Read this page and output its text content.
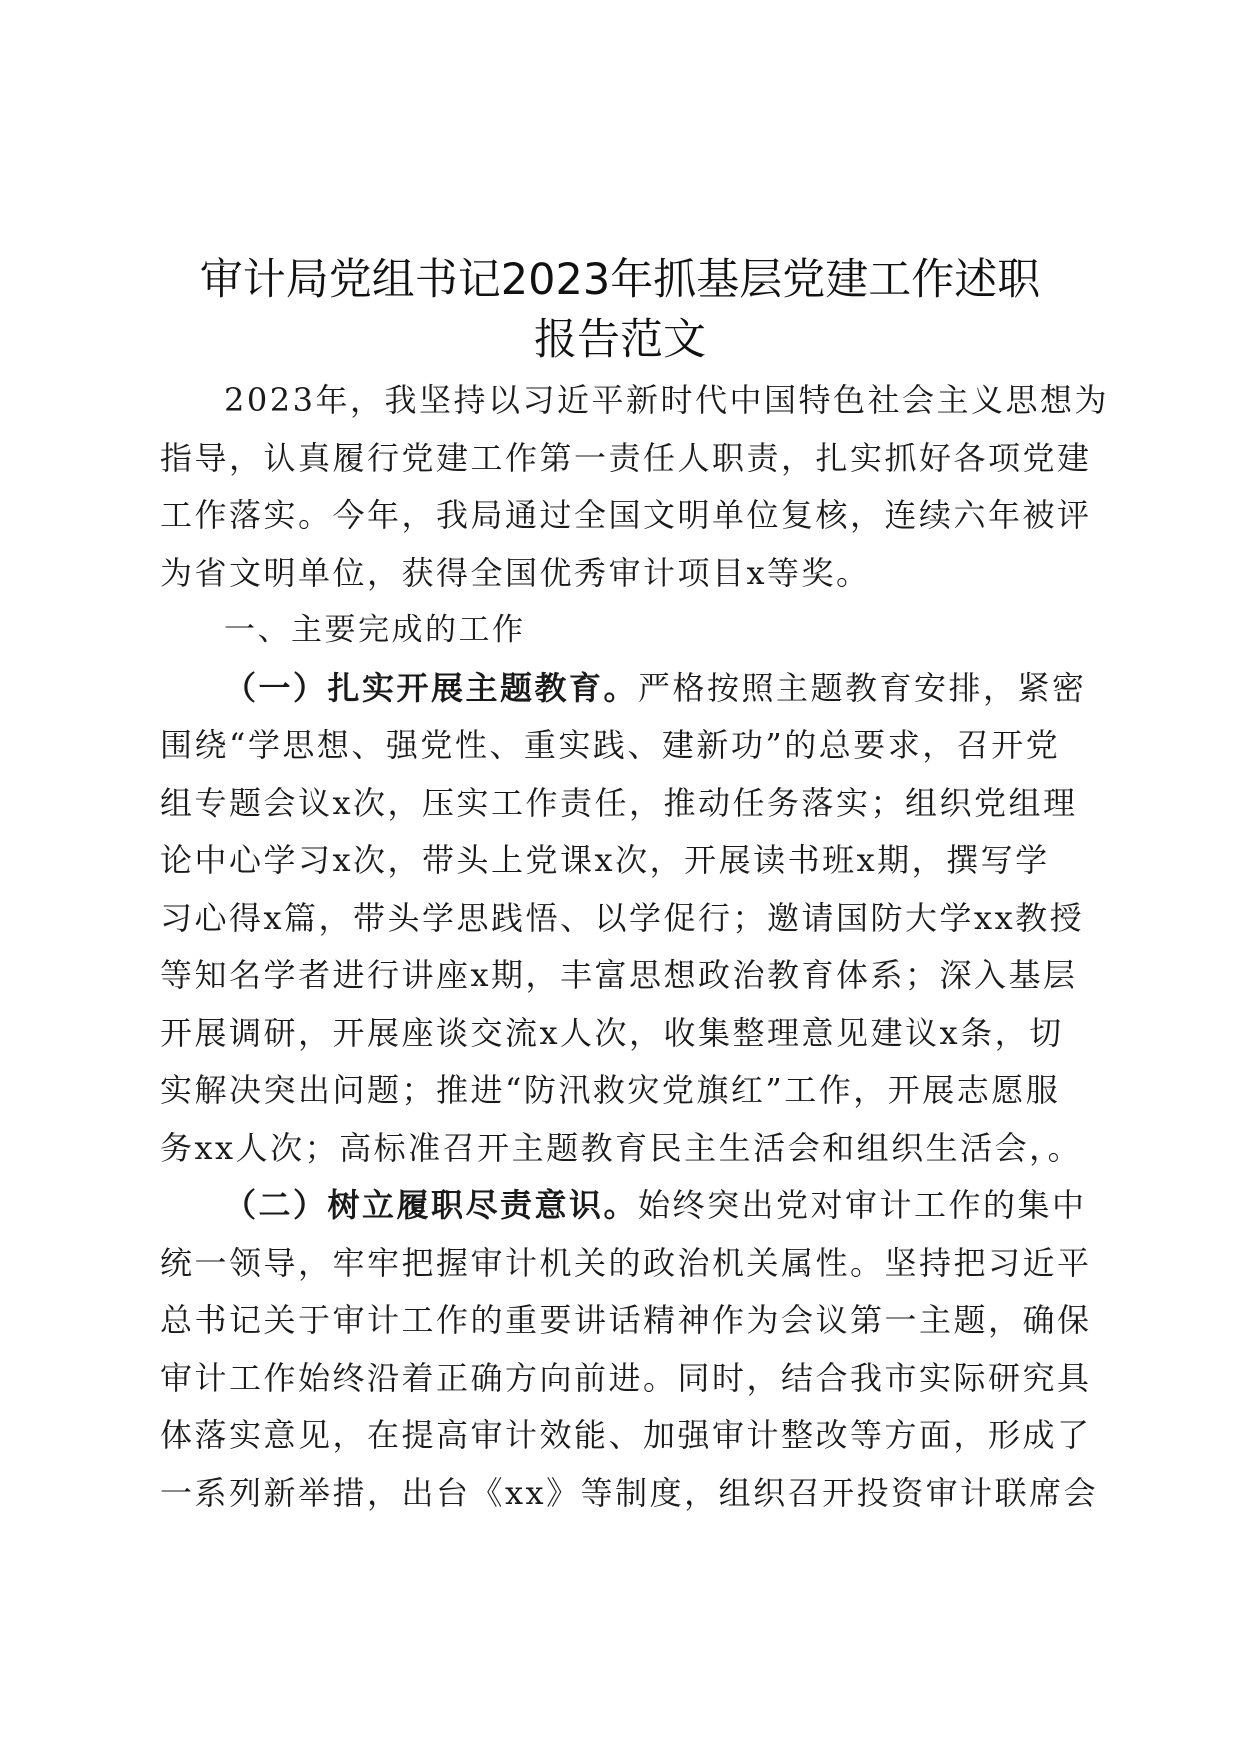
审计局党组书记2023年抓基层党建工作述职
报告范文
2023年，我坚持以习近平新时代中国特色社会主义思想为
指导，认真履行党建工作第一责任人职责，扎实抓好各项党建
工作落实。今年，我局通过全国文明单位复核，连续六年被评
为省文明单位，获得全国优秀审计项目x等奖。
一、主要完成的工作
（一）扎实开展主题教育。严格按照主题教育安排，紧密
围绕“学思想、强党性、重实践、建新功”的总要求，召开党
组专题会议x次，压实工作责任，推动任务落实；组织党组理
论中心学习x次，带头上党课x次，开展读书班x期，撰写学
习心得x篇，带头学思践悟、以学促行；邀请国防大学xx教授
等知名学者进行讲座x期，丰富思想政治教育体系；深入基层
开展调研，开展座谈交流x人次，收集整理意见建议x条，切
实解决突出问题；推进“防汛救灾党旗红”工作，开展志愿服
务xx人次；高标准召开主题教育民主生活会和组织生活会，。
（二）树立履职尽责意识。始终突出党对审计工作的集中
统一领导，牢牢把握审计机关的政治机关属性。坚持把习近平
总书记关于审计工作的重要讲话精神作为会议第一主题，确保
审计工作始终沿着正确方向前进。同时，结合我市实际研究具
体落实意见，在提高审计效能、加强审计整改等方面，形成了
一系列新举措，出台《xx》等制度，组织召开投资审计联席会
